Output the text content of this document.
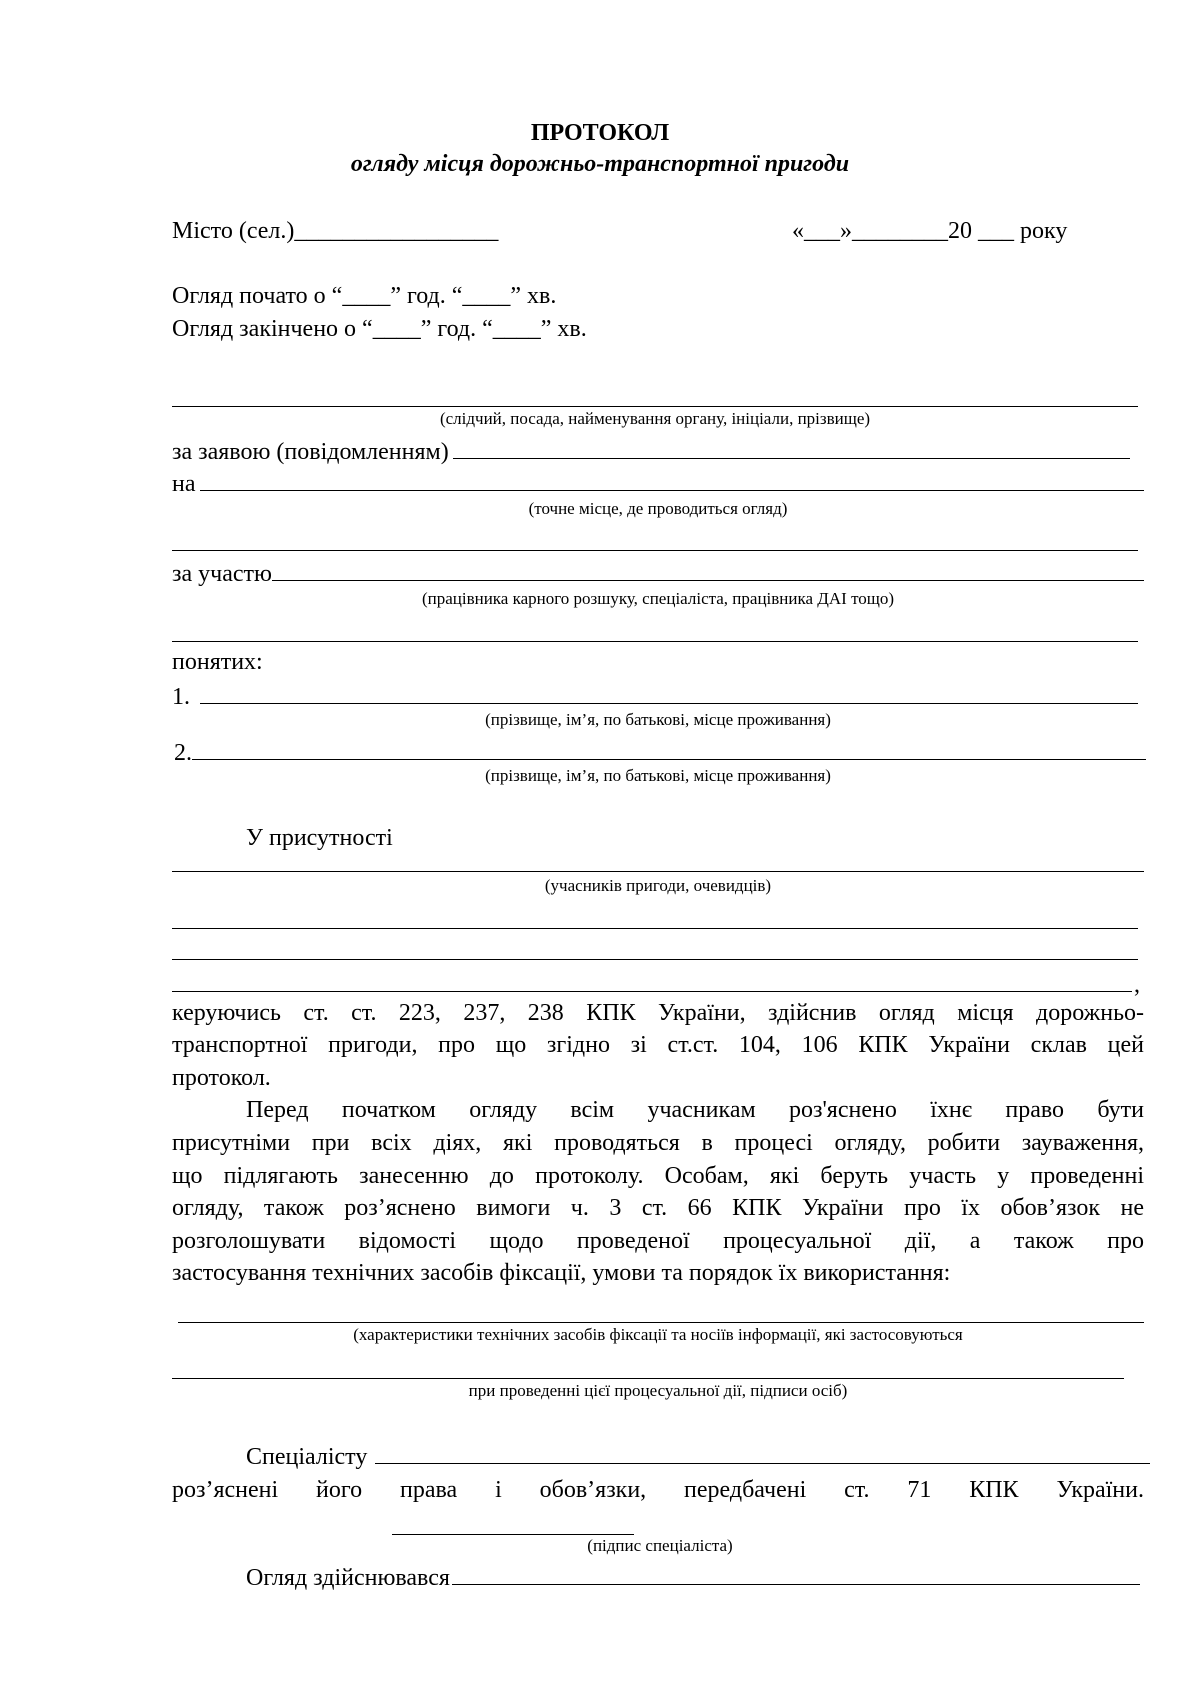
ПРОТОКОЛ
огляду місця дорожньо-транспортної пригоди
Місто (сел.)_________________	«___»________20 ___ року
Огляд почато о “____” год. “____” хв.
Огляд закінчено о “____” год. “____” хв.
(слідчий, посада, найменування органу, ініціали, прізвище)
за заявою (повідомленням)
на
(точне місце, де проводиться огляд)
за участю
(працівника карного розшуку, спеціаліста, працівника ДАІ тощо)
понятих:
1.
(прізвище, ім’я, по батькові, місце проживання)
2.
(прізвище, ім’я, по батькові, місце проживання)
У присутності
(учасників пригоди, очевидців)
,
керуючись ст. ст. 223, 237, 238 КПК України, здійснив огляд місця дорожньо-
транспортної пригоди, про що згідно зі ст.ст. 104, 106 КПК України склав цей
протокол.
Перед початком огляду всім учасникам роз'яснено їхнє право бути
присутніми при всіх діях, які проводяться в процесі огляду, робити зауваження,
що підлягають занесенню до протоколу. Особам, які беруть участь у проведенні
огляду, також роз’яснено вимоги ч. 3 ст. 66 КПК України про їх обов’язок не
розголошувати відомості щодо проведеної процесуальної дії, а також про
застосування технічних засобів фіксації, умови та порядок їх використання:
(характеристики технічних засобів фіксації та носіїв інформації, які застосовуються
при проведенні цієї процесуальної дії, підписи осіб)
Спеціалісту
роз’яснені його права і обов’язки, передбачені ст. 71 КПК України.
(підпис спеціаліста)
Огляд здійснювався
